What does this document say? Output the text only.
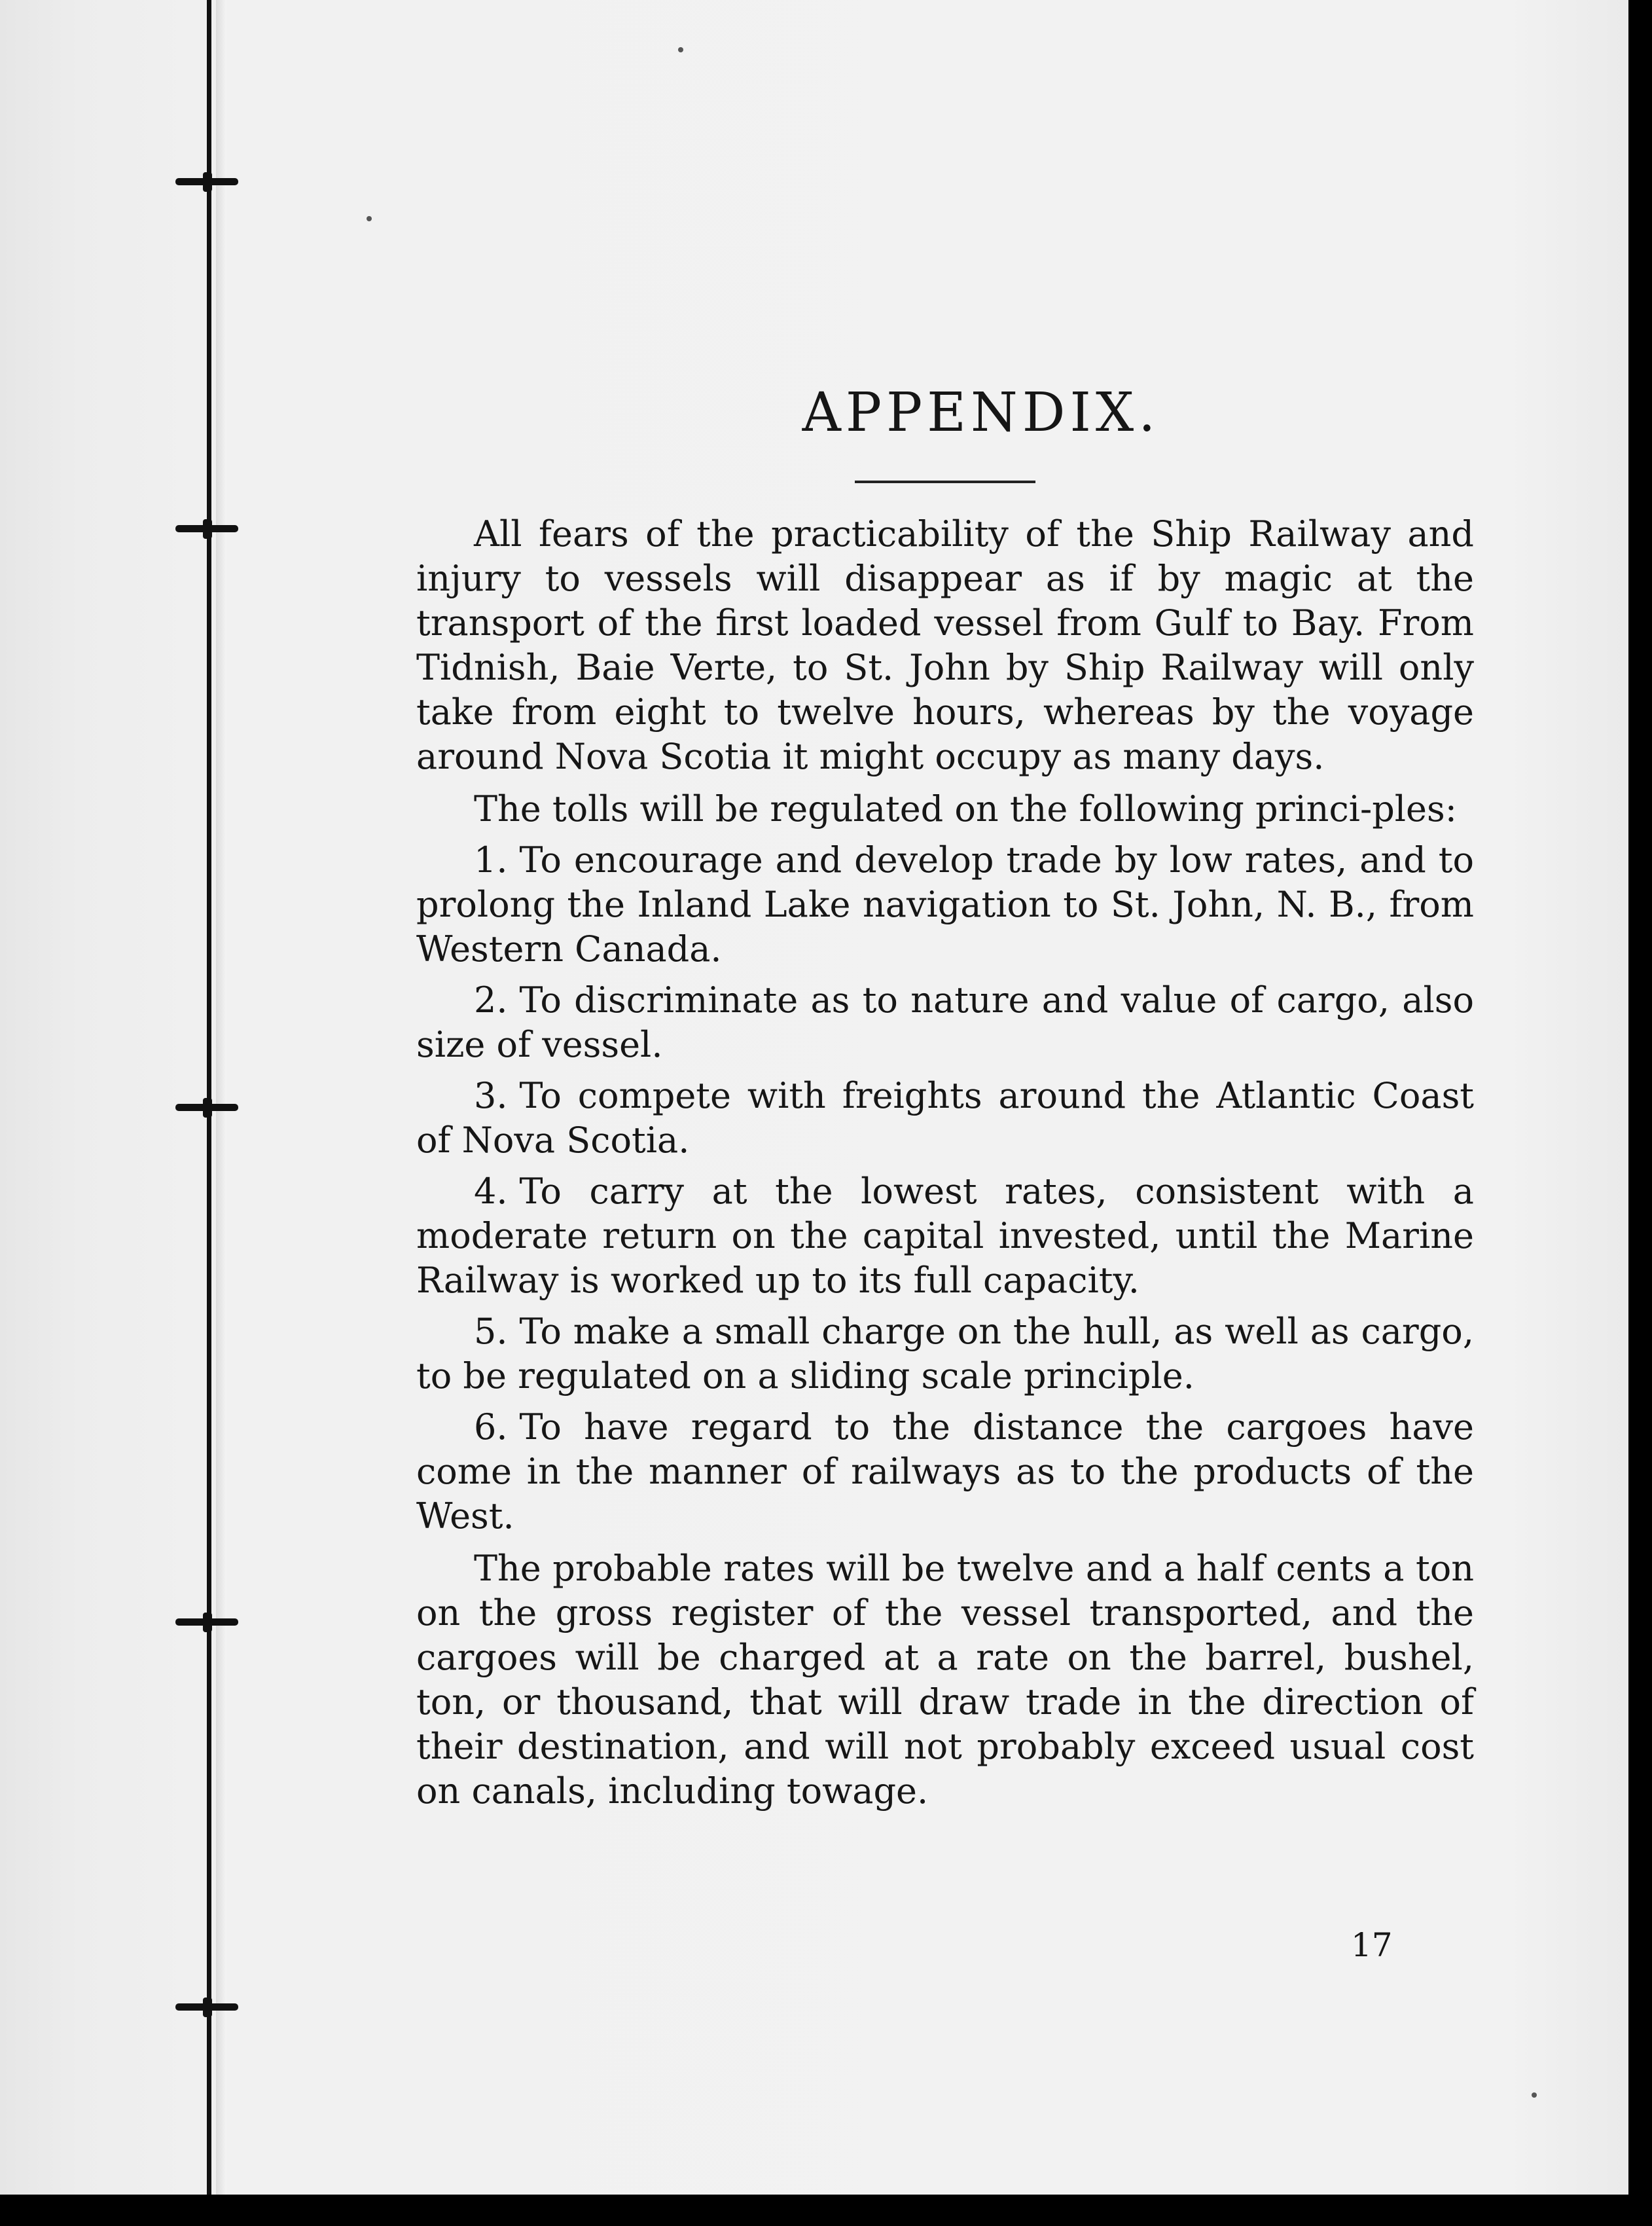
APPENDIX.

All fears of the practicability of the Ship Railway and injury to vessels will disappear as if by magic at the transport of the first loaded vessel from Gulf to Bay. From Tidnish, Baie Verte, to St. John by Ship Railway will only take from eight to twelve hours, whereas by the voyage around Nova Scotia it might occupy as many days.

The tolls will be regulated on the following princi-ples:

1. To encourage and develop trade by low rates, and to prolong the Inland Lake navigation to St. John, N. B., from Western Canada.

2. To discriminate as to nature and value of cargo, also size of vessel.

3. To compete with freights around the Atlantic Coast of Nova Scotia.

4. To carry at the lowest rates, consistent with a moderate return on the capital invested, until the Marine Railway is worked up to its full capacity.

5. To make a small charge on the hull, as well as cargo, to be regulated on a sliding scale principle.

6. To have regard to the distance the cargoes have come in the manner of railways as to the products of the West.

The probable rates will be twelve and a half cents a ton on the gross register of the vessel transported, and the cargoes will be charged at a rate on the barrel, bushel, ton, or thousand, that will draw trade in the direction of their destination, and will not probably exceed usual cost on canals, including towage.

17
